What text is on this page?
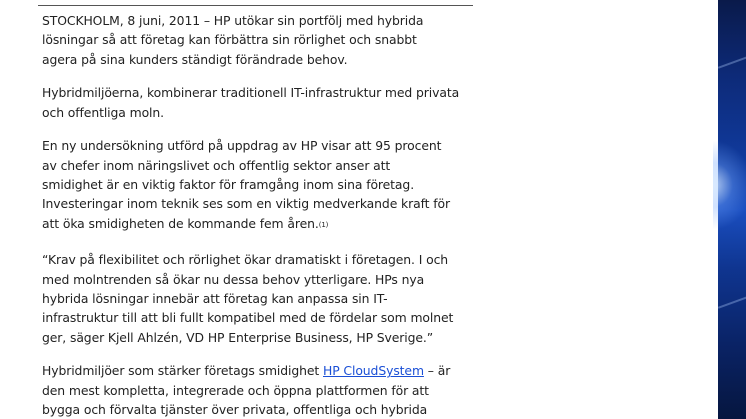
STOCKHOLM, 8 juni, 2011 – HP utökar sin portfölj med hybrida
lösningar så att företag kan förbättra sin rörlighet och snabbt
agera på sina kunders ständigt förändrade behov.

Hybridmiljöerna, kombinerar traditionell IT-infrastruktur med privata
och offentliga moln.

En ny undersökning utförd på uppdrag av HP visar att 95 procent
av chefer inom näringslivet och offentlig sektor anser att
smidighet är en viktig faktor för framgång inom sina företag.
Investeringar inom teknik ses som en viktig medverkande kraft för
att öka smidigheten de kommande fem åren.(1)

“Krav på flexibilitet och rörlighet ökar dramatiskt i företagen. I och
med molntrenden så ökar nu dessa behov ytterligare. HPs nya
hybrida lösningar innebär att företag kan anpassa sin IT-
infrastruktur till att bli fullt kompatibel med de fördelar som molnet
ger, säger Kjell Ahlzén, VD HP Enterprise Business, HP Sverige.”

Hybridmiljöer som stärker företags smidighet HP CloudSystem – är
den mest kompletta, integrerade och öppna plattformen för att
bygga och förvalta tjänster över privata, offentliga och hybrida
